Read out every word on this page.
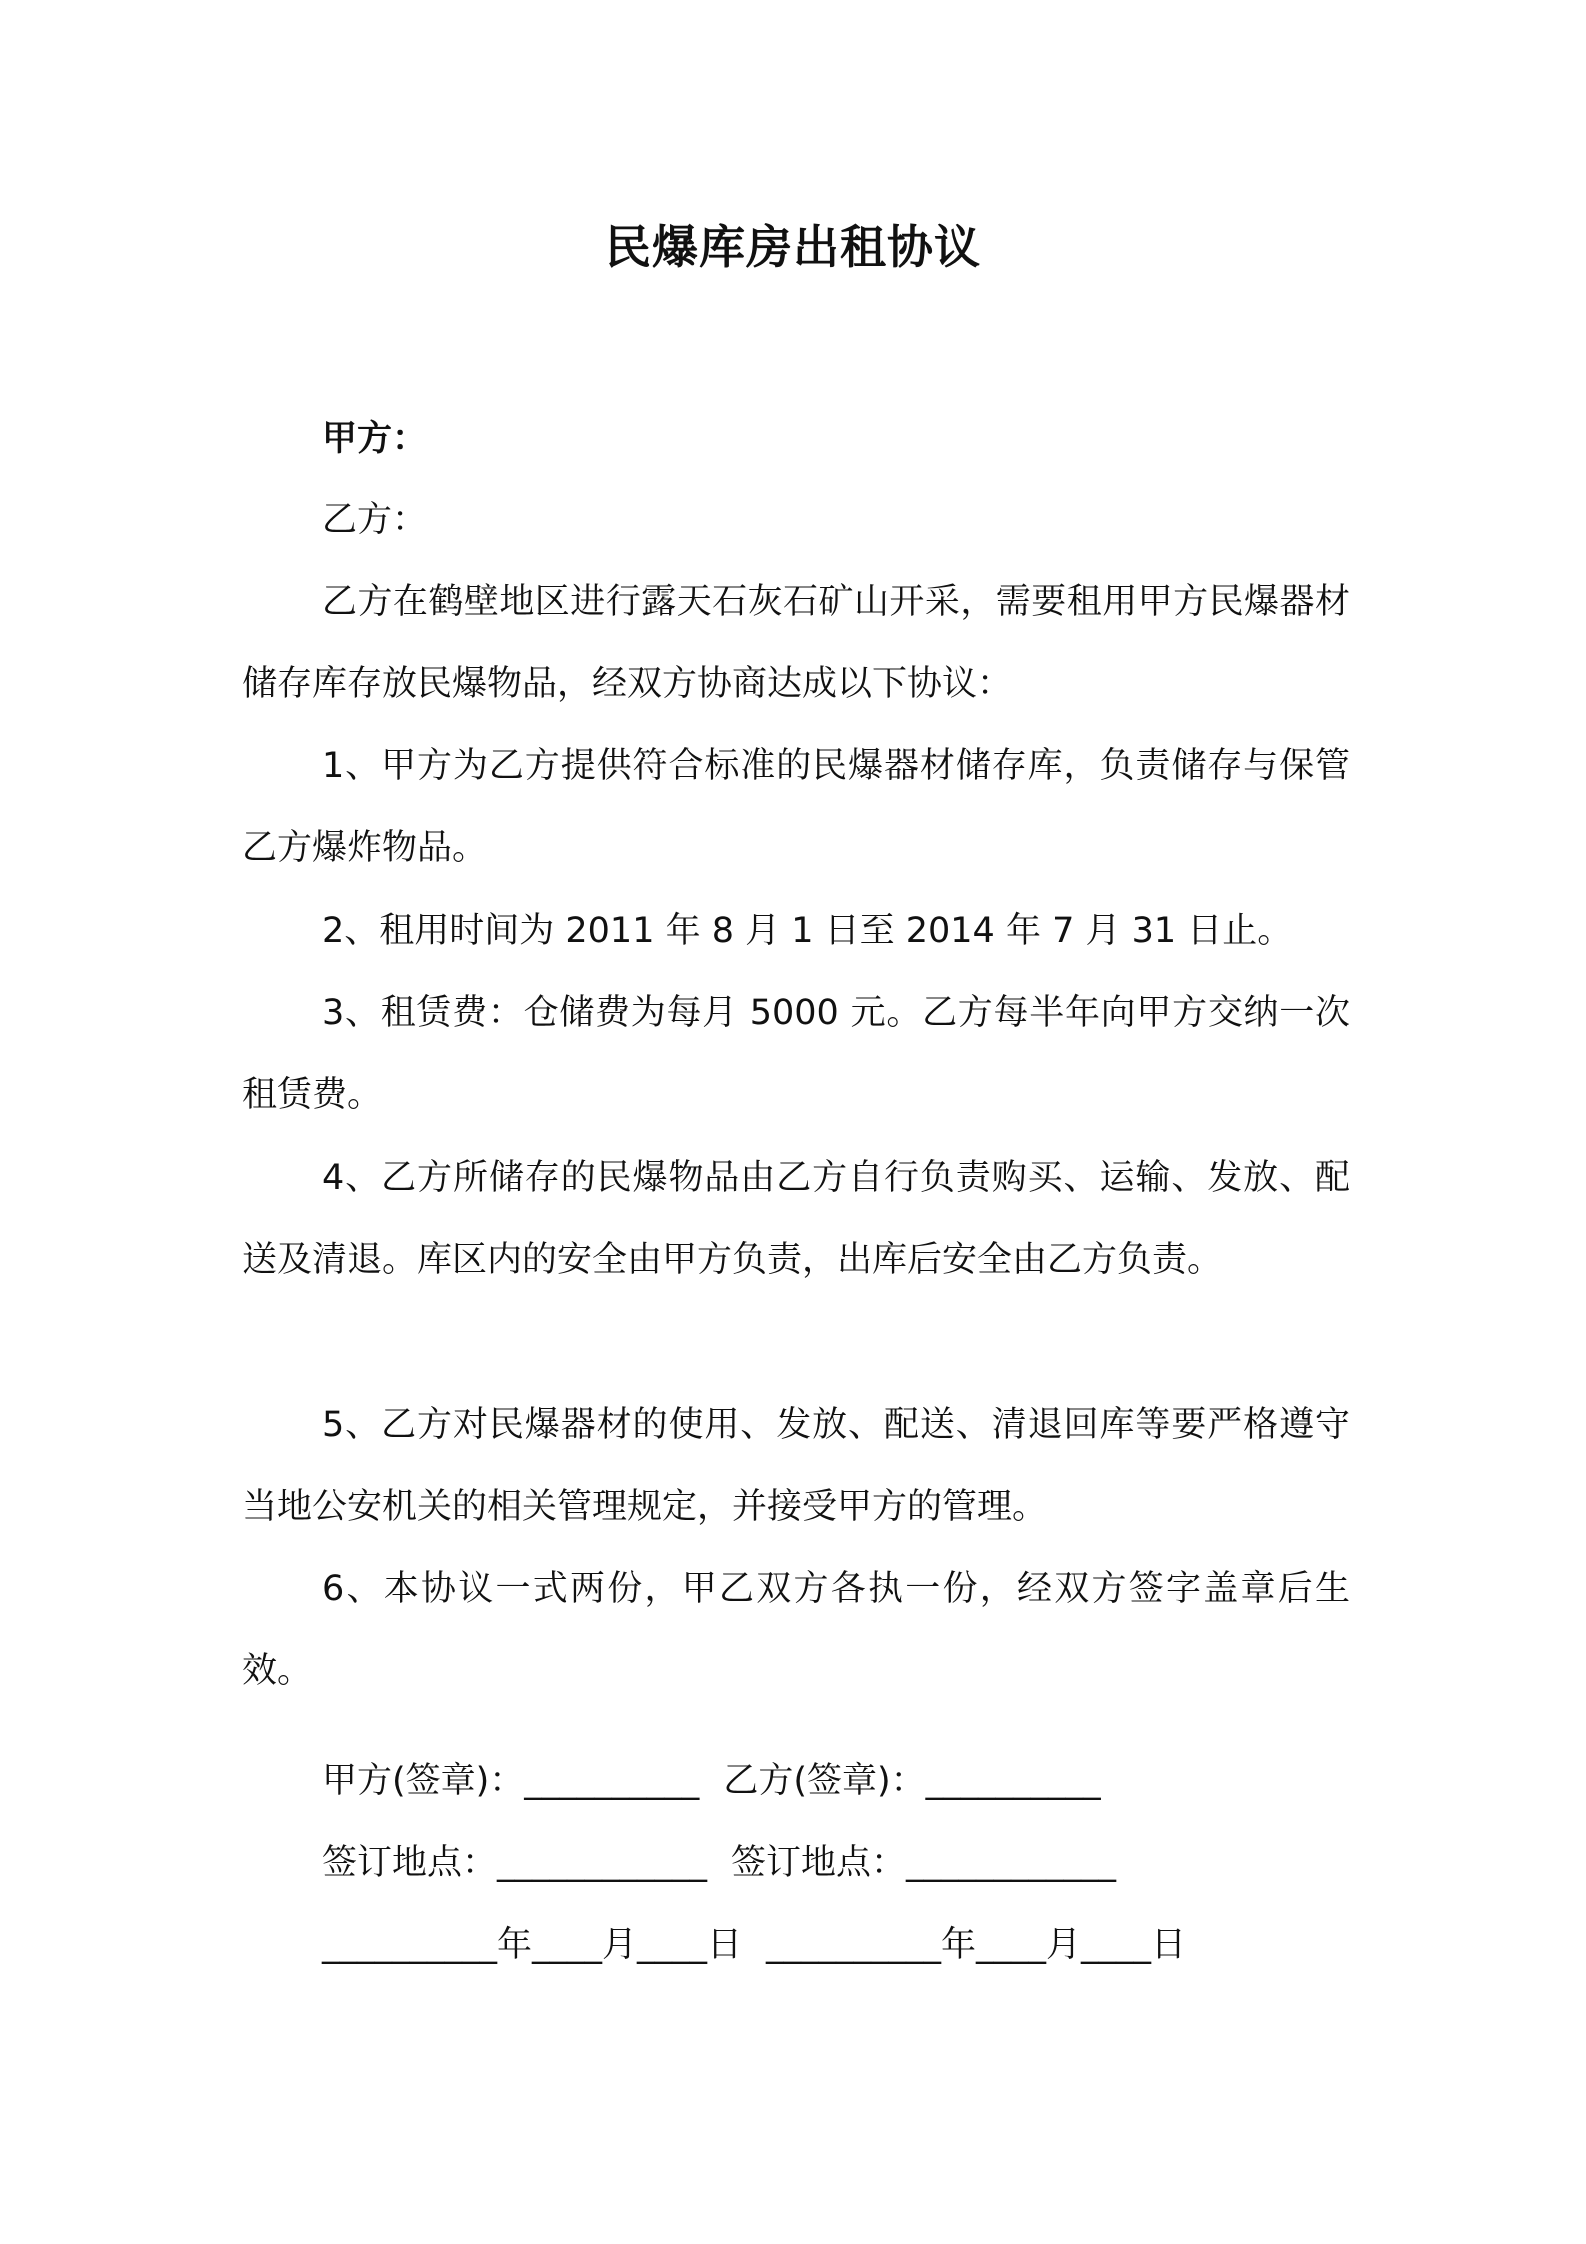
民爆库房出租协议
甲方：
乙方：
乙方在鹤壁地区进行露天石灰石矿山开采，需要租用甲方民爆器材储存库存放民爆物品，经双方协商达成以下协议：
1、甲方为乙方提供符合标准的民爆器材储存库，负责储存与保管乙方爆炸物品。
2、租用时间为 2011 年 8 月 1 日至 2014 年 7 月 31 日止。
3、租赁费：仓储费为每月 5000 元。乙方每半年向甲方交纳一次租赁费。
4、乙方所储存的民爆物品由乙方自行负责购买、运输、发放、配送及清退。库区内的安全由甲方负责，出库后安全由乙方负责。
5、乙方对民爆器材的使用、发放、配送、清退回库等要严格遵守当地公安机关的相关管理规定，并接受甲方的管理。
6、本协议一式两份，甲乙双方各执一份，经双方签字盖章后生效。
甲方(签章)：__________ 乙方(签章)：__________
签订地点：____________ 签订地点：____________
__________年____月____日 __________年____月____日
